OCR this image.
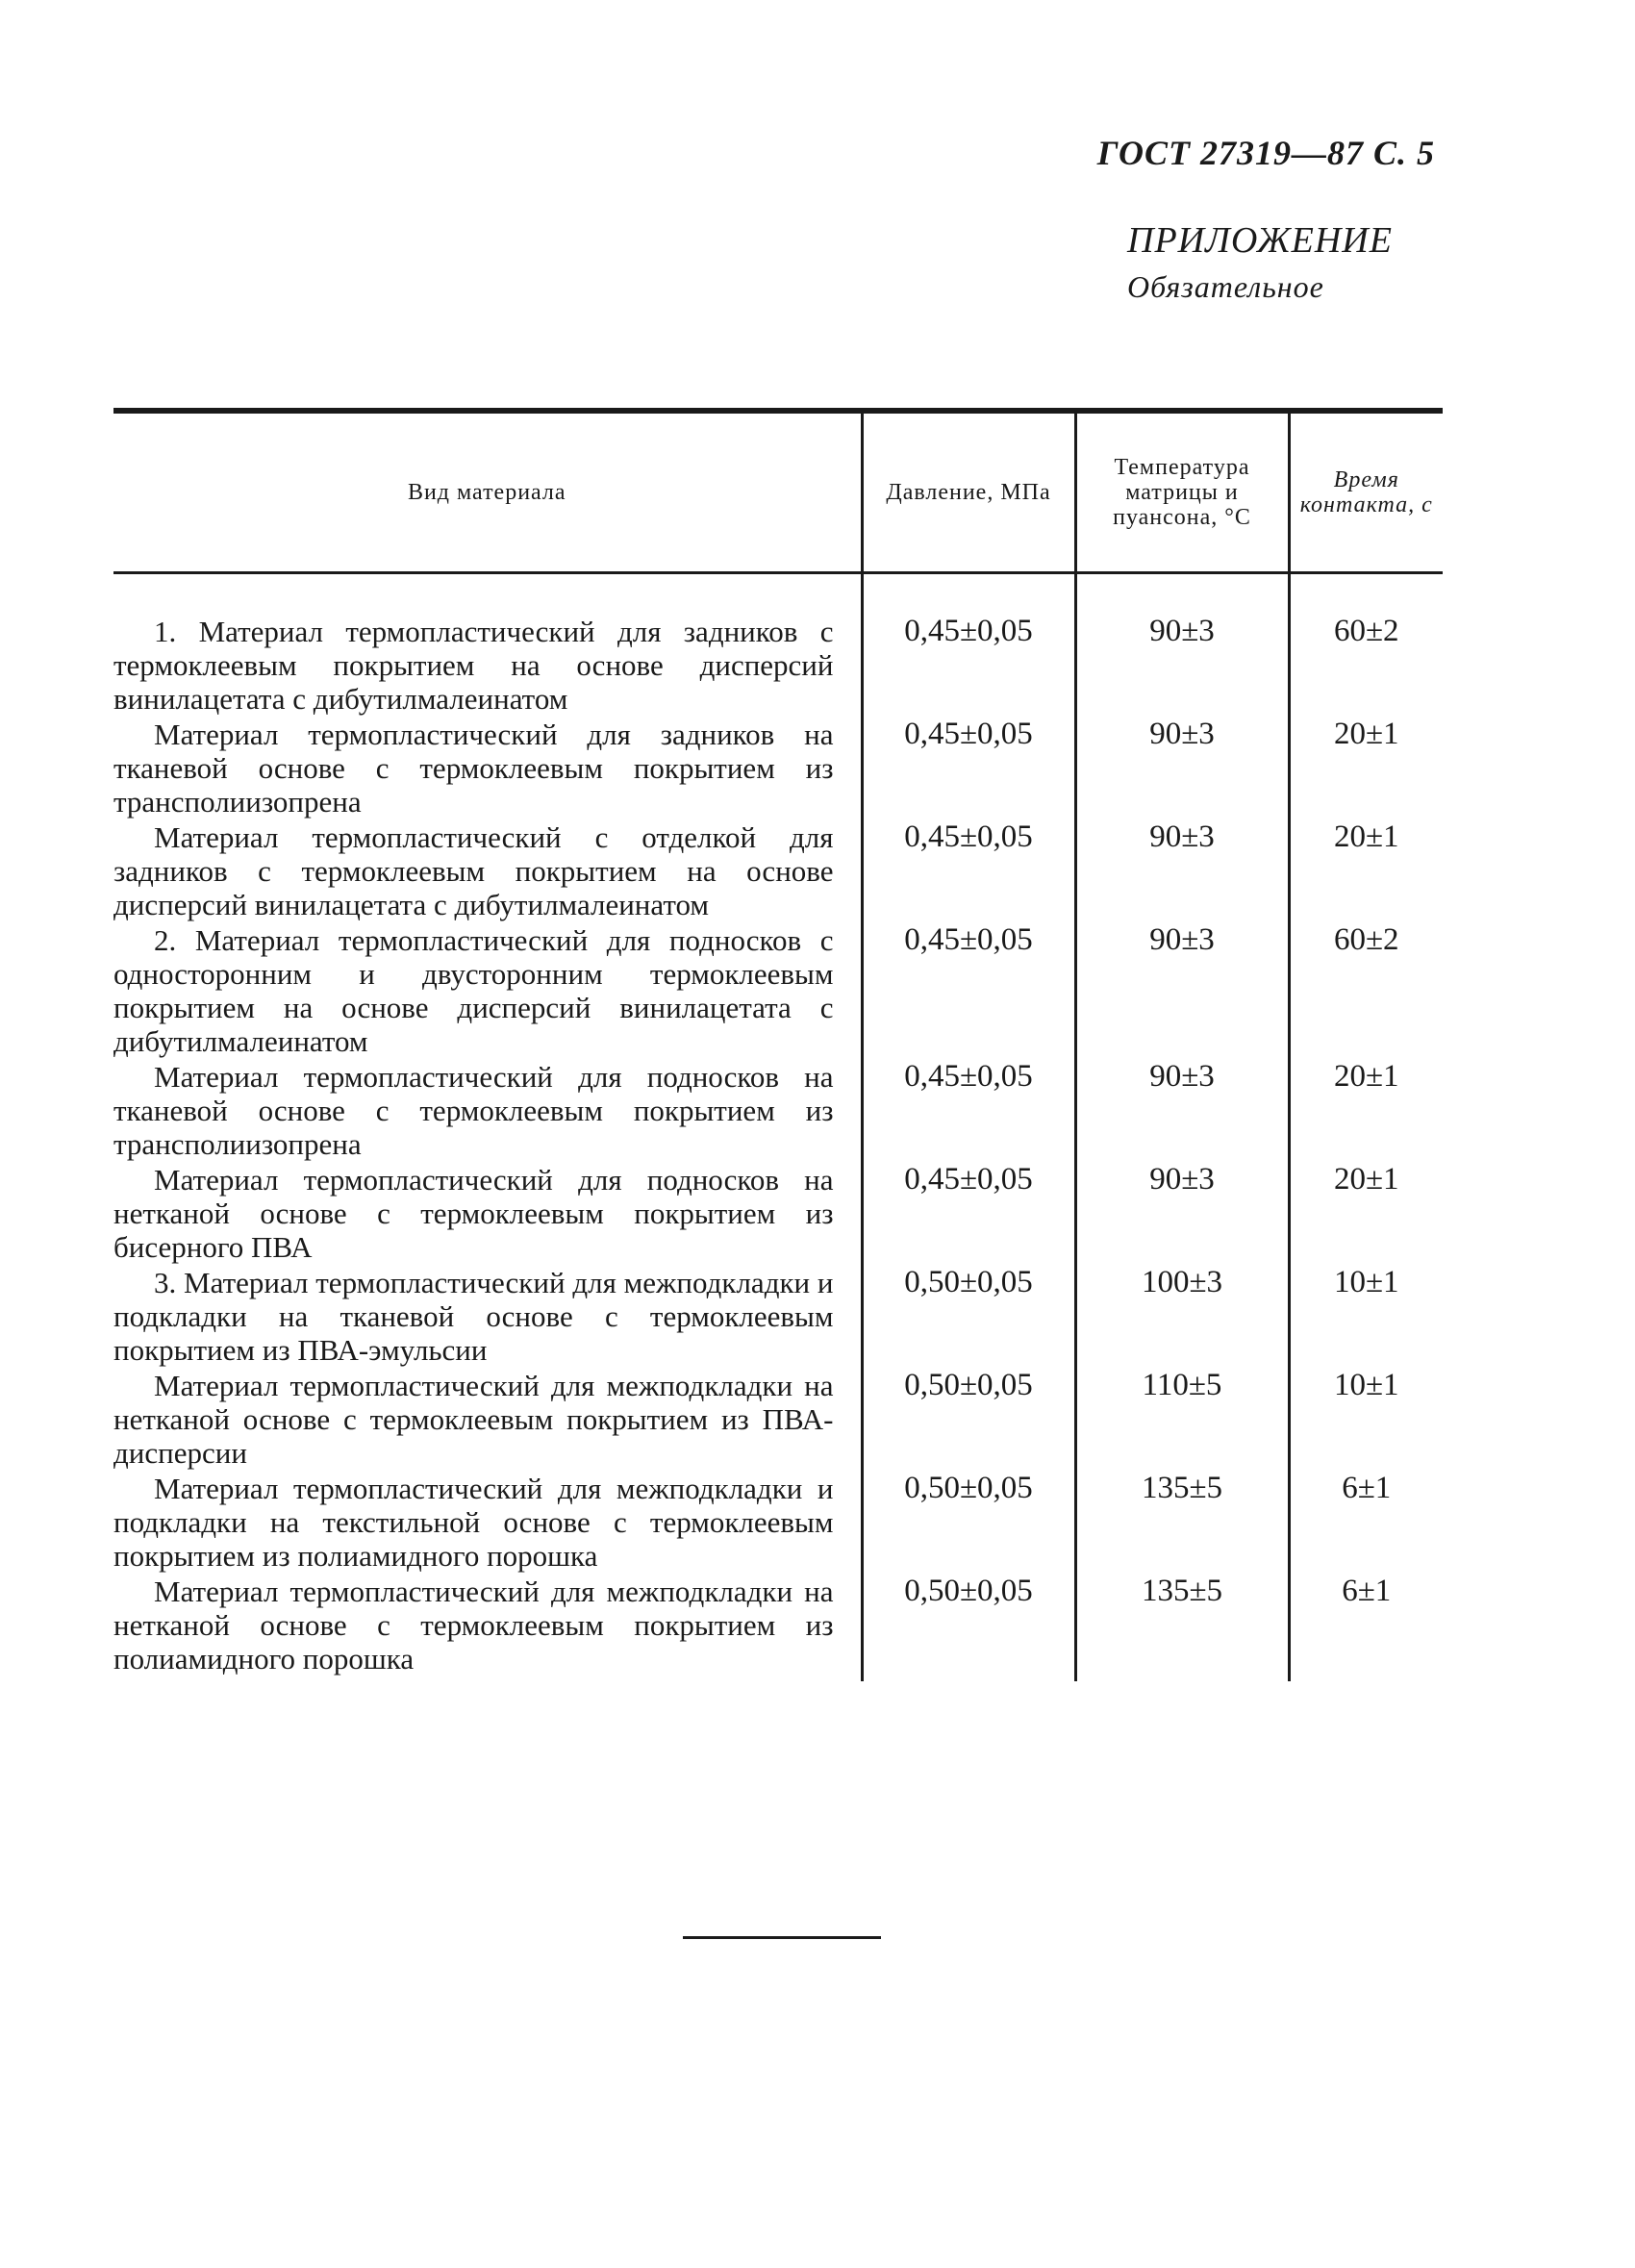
ГОСТ 27319—87 С. 5
ПРИЛОЖЕНИЕ
Обязательное
Вид материала	Давление, МПа	Температура матрицы и пуансона, °С	Время контакта, с

1. Материал термопластический для задников с термоклеевым покрытием на основе дисперсий винилацетата с дибутилмалеинатом	0,45±0,05	90±3	60±2

Материал термопластический для задников на тканевой основе с термоклеевым покрытием из трансполиизопрена	0,45±0,05	90±3	20±1

Материал термопластический с отделкой для задников с термоклеевым покрытием на основе дисперсий винилацетата с дибутилмалеинатом	0,45±0,05	90±3	20±1

2. Материал термопластический для подносков с односторонним и двусторонним термоклеевым покрытием на основе дисперсий винилацетата с дибутилмалеинатом	0,45±0,05	90±3	60±2

Материал термопластический для подносков на тканевой основе с термоклеевым покрытием из трансполиизопрена	0,45±0,05	90±3	20±1

Материал термопластический для подносков на нетканой основе с термоклеевым покрытием из бисерного ПВА	0,45±0,05	90±3	20±1

3. Материал термопластический для межподкладки и подкладки на тканевой основе с термоклеевым покрытием из ПВА-эмульсии	0,50±0,05	100±3	10±1

Материал термопластический для межподкладки на нетканой основе с термоклеевым покрытием из ПВА-дисперсии	0,50±0,05	110±5	10±1

Материал термопластический для межподкладки и подкладки на текстильной основе с термоклеевым покрытием из полиамидного порошка	0,50±0,05	135±5	6±1

Материал термопластический для межподкладки на нетканой основе с термоклеевым покрытием из полиамидного порошка	0,50±0,05	135±5	6±1
